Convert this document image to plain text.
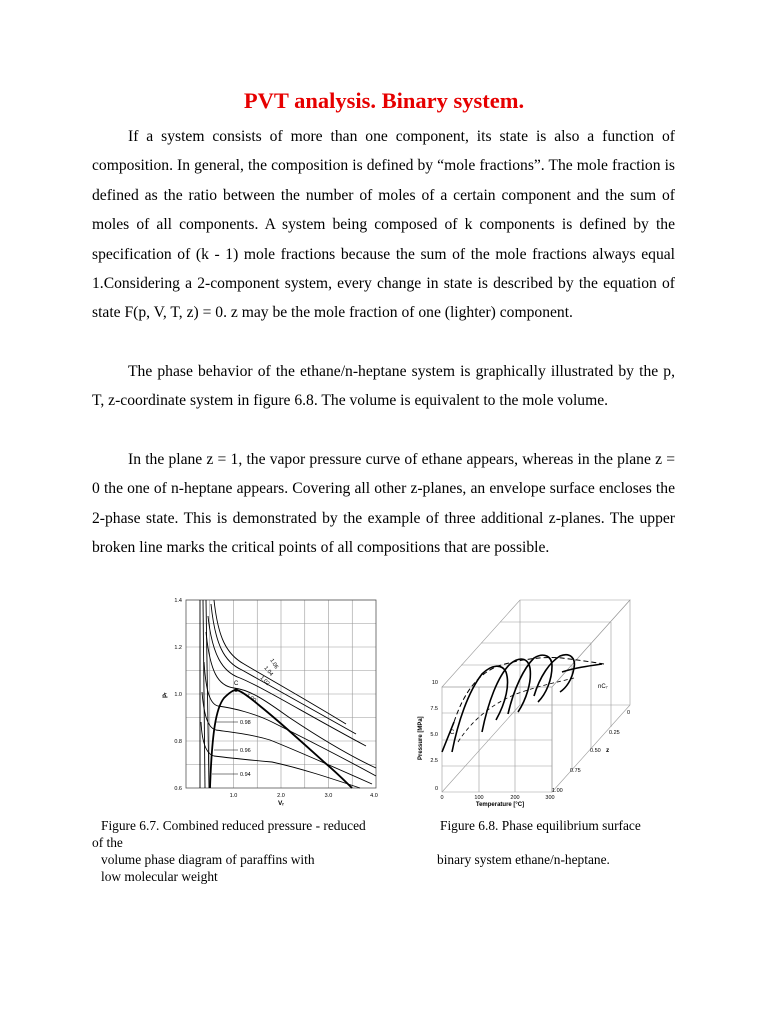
PVT analysis. Binary system.

If a system consists of more than one component, its state is also a function of composition. In general, the composition is defined by “mole fractions”. The mole fraction is defined as the ratio between the number of moles of a certain component and the sum of moles of all components. A system being composed of k components is defined by the specification of (k - 1) mole fractions because the sum of the mole fractions always equal 1.Considering a 2-component system, every change in state is described by the equation of state F(p, V, T, z) = 0. z may be the mole fraction of one (lighter) component.

The phase behavior of the ethane/n-heptane system is graphically illustrated by the p, T, z-coordinate system in figure 6.8. The volume is equivalent to the mole volume.

In the plane z = 1, the vapor pressure curve of ethane appears, whereas in the plane z = 0 the one of n-heptane appears. Covering all other z-planes, an envelope surface encloses the 2-phase state. This is demonstrated by the example of three additional z-planes. The upper broken line marks the critical points of all compositions that are possible.

C
1.06
1.04
1.02
1.00
0.98
0.96
0.94
1.4
1.2
1.0
0.8
0.6
pᵣ
1.0	2.0	3.0	4.0
Vᵣ
C
nC₇
10
7.5
5.0
2.5
0
Pressure [MPa]
0	100	200	300
Temperature [°C]
0
0.25
0.50
0.75
1.00
z

Figure 6.7. Combined reduced pressure - reduced

of the

volume phase diagram of paraffins with

low molecular weight

Figure 6.8. Phase equilibrium surface

binary system ethane/n-heptane.
